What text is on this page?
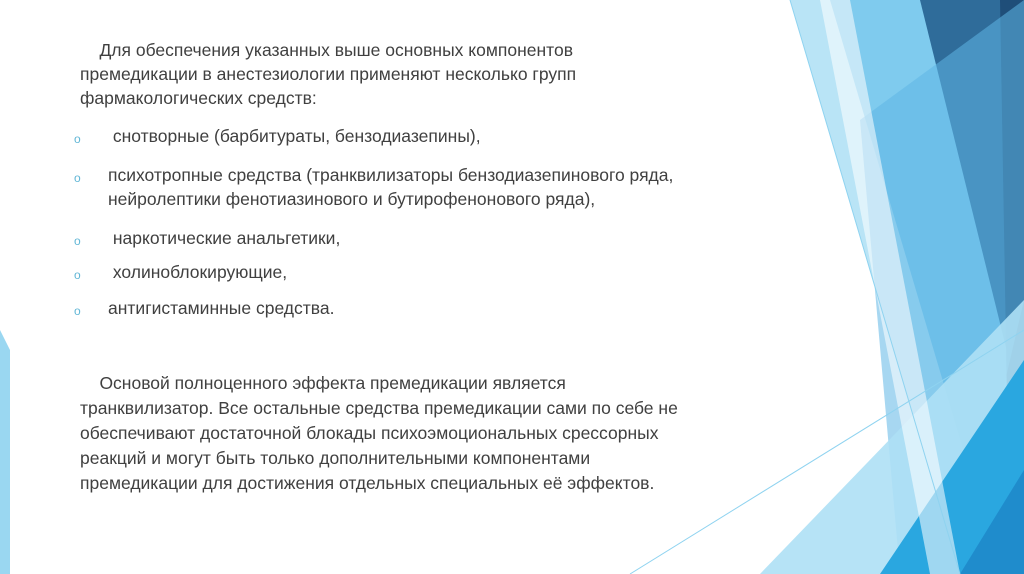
Для обеспечения указанных выше основных компонентов

премедикации в анестезиологии применяют несколько групп

фармакологических средств:

o	снотворные (барбитураты, бензодиазепины),
o	психотропные средства (транквилизаторы бензодиазепинового ряда,
нейролептики фенотиазинового и бутирофенонового ряда),
o	наркотические анальгетики,
o	холиноблокирующие,
o	антигистаминные средства.

Основой полноценного эффекта премедикации является

транквилизатор. Все остальные средства премедикации сами по себе не

обеспечивают достаточной блокады психоэмоциональных срессорных

реакций и могут быть только дополнительными компонентами

премедикации для достижения отдельных специальных её эффектов.
